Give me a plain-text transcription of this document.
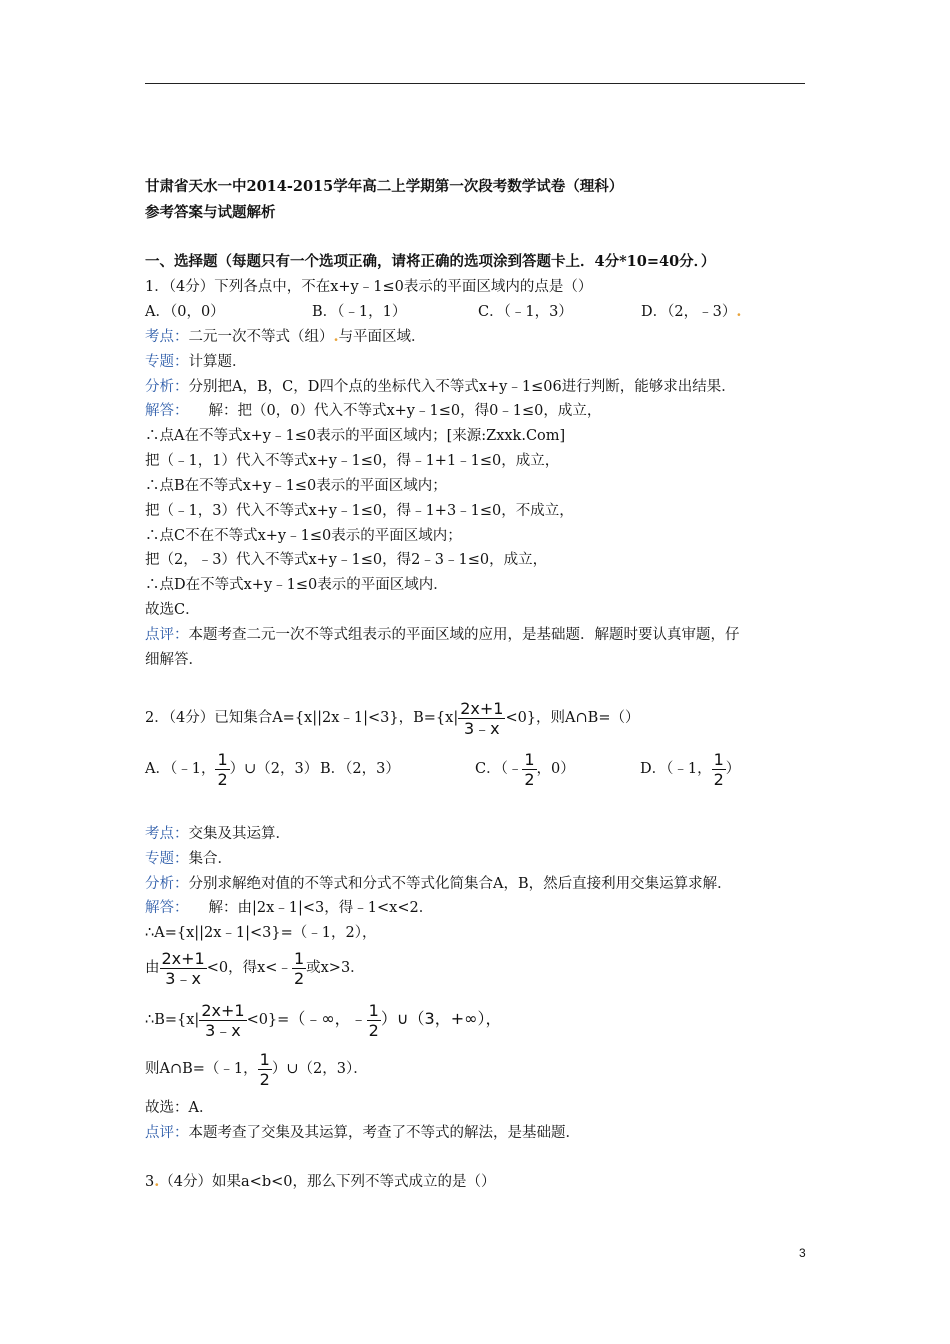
甘肃省天水一中2014-2015学年高二上学期第一次段考数学试卷（理科）
参考答案与试题解析
一、选择题（每题只有一个选项正确，请将正确的选项涂到答题卡上．4分*10=40分．）
1．（4分）下列各点中，不在x+y﹣1≤0表示的平面区域内的点是（）
A．（0，0）	B．（﹣1，1）	C．（﹣1，3）	D．（2，﹣3）.
考点：二元一次不等式（组）.与平面区域．
专题：计算题．
分析：分别把A，B，C，D四个点的坐标代入不等式x+y﹣1≤06进行判断，能够求出结果．
解答： 解：把（0，0）代入不等式x+y﹣1≤0，得0﹣1≤0，成立，
∴点A在不等式x+y﹣1≤0表示的平面区域内；[来源:Zxxk.Com]
把（﹣1，1）代入不等式x+y﹣1≤0，得﹣1+1﹣1≤0，成立，
∴点B在不等式x+y﹣1≤0表示的平面区域内；
把（﹣1，3）代入不等式x+y﹣1≤0，得﹣1+3﹣1≤0，不成立，
∴点C不在不等式x+y﹣1≤0表示的平面区域内；
把（2，﹣3）代入不等式x+y﹣1≤0，得2﹣3﹣1≤0，成立，
∴点D在不等式x+y﹣1≤0表示的平面区域内．
故选C．
点评：本题考查二元一次不等式组表示的平面区域的应用，是基础题．解题时要认真审题，仔
细解答．
2．（4分）已知集合A={x||2x﹣1|<3}，$B=\{x| \frac{2x+1}{3﹣x} <0\}$，则A∩B=（）
A．（﹣1， $\frac{1}{2}$ ）∪（2，3） B．（2，3）	C．（﹣ $\frac{1}{2}$ ，0）	D．（﹣1， $\frac{1}{2}$ ）
考点：交集及其运算．
专题：集合．
分析：分别求解绝对值的不等式和分式不等式化简集合A，B，然后直接利用交集运算求解．
解答： 解：由|2x﹣1|<3，得﹣1<x<2．
∴A={x||2x﹣1|<3}=（﹣1，2），
由 $\frac{2x+1}{3﹣x} <0$，得x<﹣ $\frac{1}{2}$ 或x>3．
∴B={x| $\frac{2x+1}{3﹣x}$ <0}=（﹣∞，﹣ $\frac{1}{2}$ ）∪（3，+∞），
则A∩B=（﹣1， $\frac{1}{2}$ ）∪（2，3）．
故选：A．
点评：本题考查了交集及其运算，考查了不等式的解法，是基础题．
3.（4分）如果a<b<0，那么下列不等式成立的是（）
3
